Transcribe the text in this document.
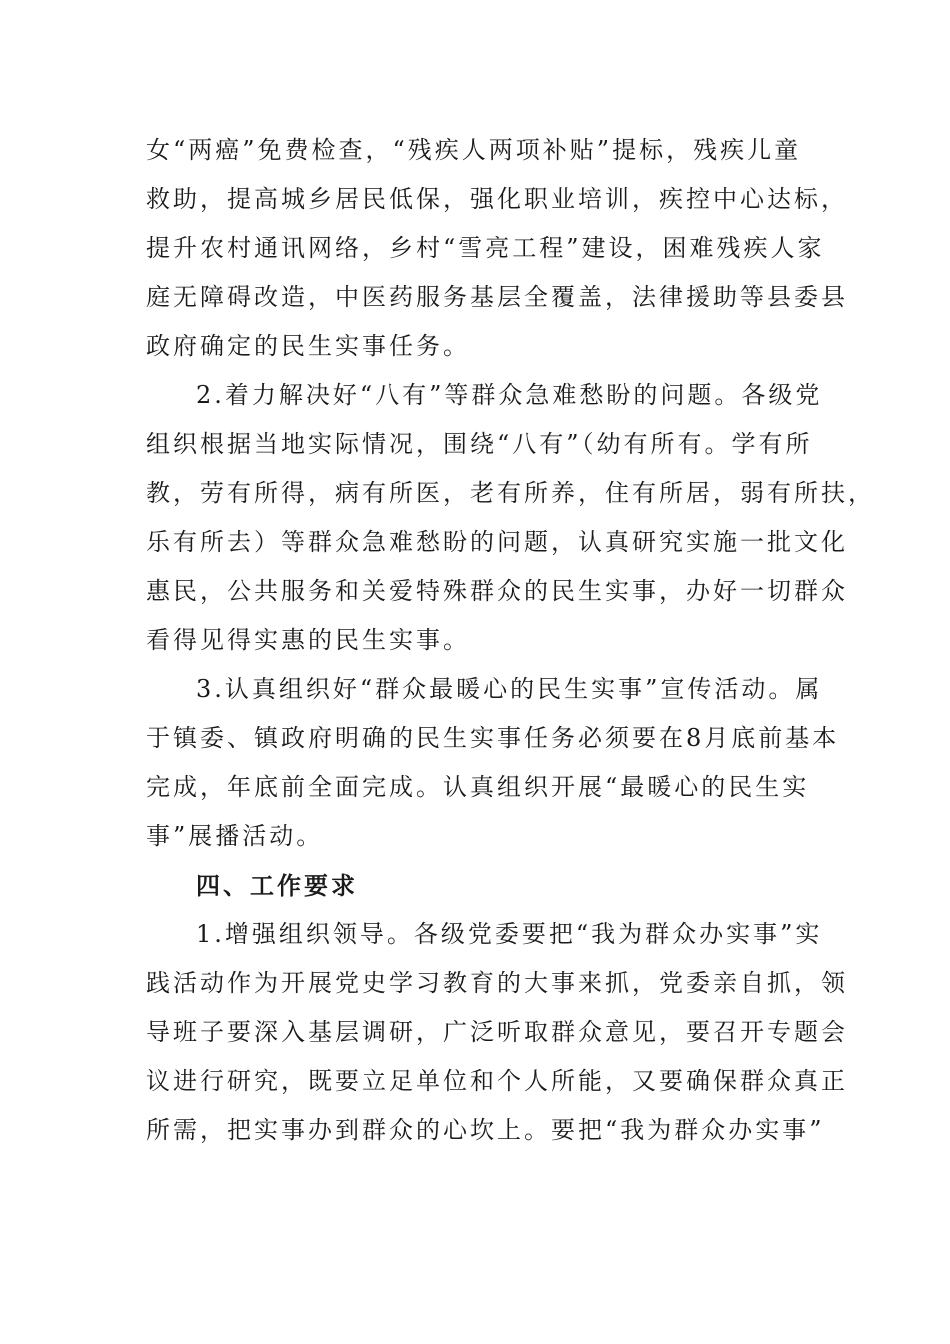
女“两癌”免费检查，“残疾人两项补贴”提标，残疾儿童
救助，提高城乡居民低保，强化职业培训，疾控中心达标，
提升农村通讯网络，乡村“雪亮工程”建设，困难残疾人家
庭无障碍改造，中医药服务基层全覆盖，法律援助等县委县
政府确定的民生实事任务。
2.着力解决好“八有”等群众急难愁盼的问题。各级党
组织根据当地实际情况，围绕“八有”（幼有所有。学有所
教，劳有所得，病有所医，老有所养，住有所居，弱有所扶，
乐有所去）等群众急难愁盼的问题，认真研究实施一批文化
惠民，公共服务和关爱特殊群众的民生实事，办好一切群众
看得见得实惠的民生实事。
3.认真组织好“群众最暖心的民生实事”宣传活动。属
于镇委、镇政府明确的民生实事任务必须要在8月底前基本
完成，年底前全面完成。认真组织开展“最暖心的民生实
事”展播活动。
四、工作要求
1.增强组织领导。各级党委要把“我为群众办实事”实
践活动作为开展党史学习教育的大事来抓，党委亲自抓，领
导班子要深入基层调研，广泛听取群众意见，要召开专题会
议进行研究，既要立足单位和个人所能，又要确保群众真正
所需，把实事办到群众的心坎上。要把“我为群众办实事”
